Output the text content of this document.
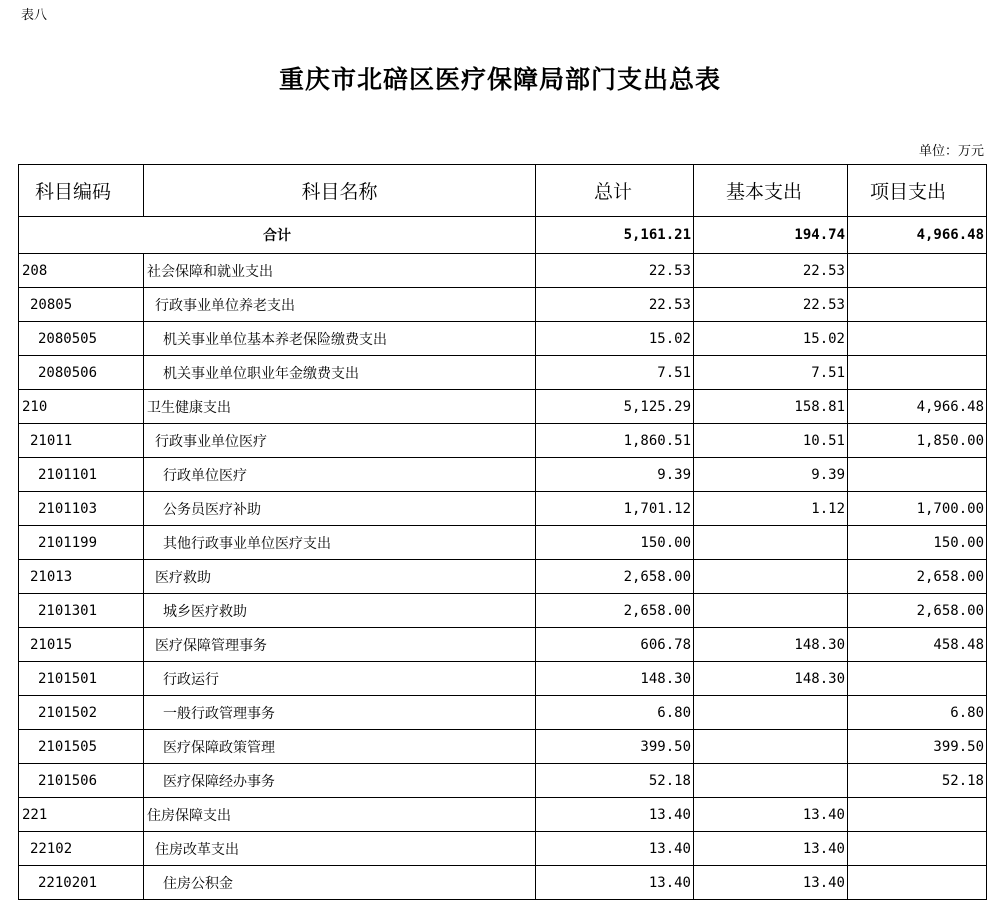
表八
重庆市北碚区医疗保障局部门支出总表
单位：万元
科目编码	科目名称	总计	基本支出	项目支出
合计		5,161.21	194.74	4,966.48
208	社会保障和就业支出	22.53	22.53	
20805	行政事业单位养老支出	22.53	22.53	
2080505	机关事业单位基本养老保险缴费支出	15.02	15.02	
2080506	机关事业单位职业年金缴费支出	7.51	7.51	
210	卫生健康支出	5,125.29	158.81	4,966.48
21011	行政事业单位医疗	1,860.51	10.51	1,850.00
2101101	行政单位医疗	9.39	9.39	
2101103	公务员医疗补助	1,701.12	1.12	1,700.00
2101199	其他行政事业单位医疗支出	150.00		150.00
21013	医疗救助	2,658.00		2,658.00
2101301	城乡医疗救助	2,658.00		2,658.00
21015	医疗保障管理事务	606.78	148.30	458.48
2101501	行政运行	148.30	148.30	
2101502	一般行政管理事务	6.80		6.80
2101505	医疗保障政策管理	399.50		399.50
2101506	医疗保障经办事务	52.18		52.18
221	住房保障支出	13.40	13.40	
22102	住房改革支出	13.40	13.40	
2210201	住房公积金	13.40	13.40	
